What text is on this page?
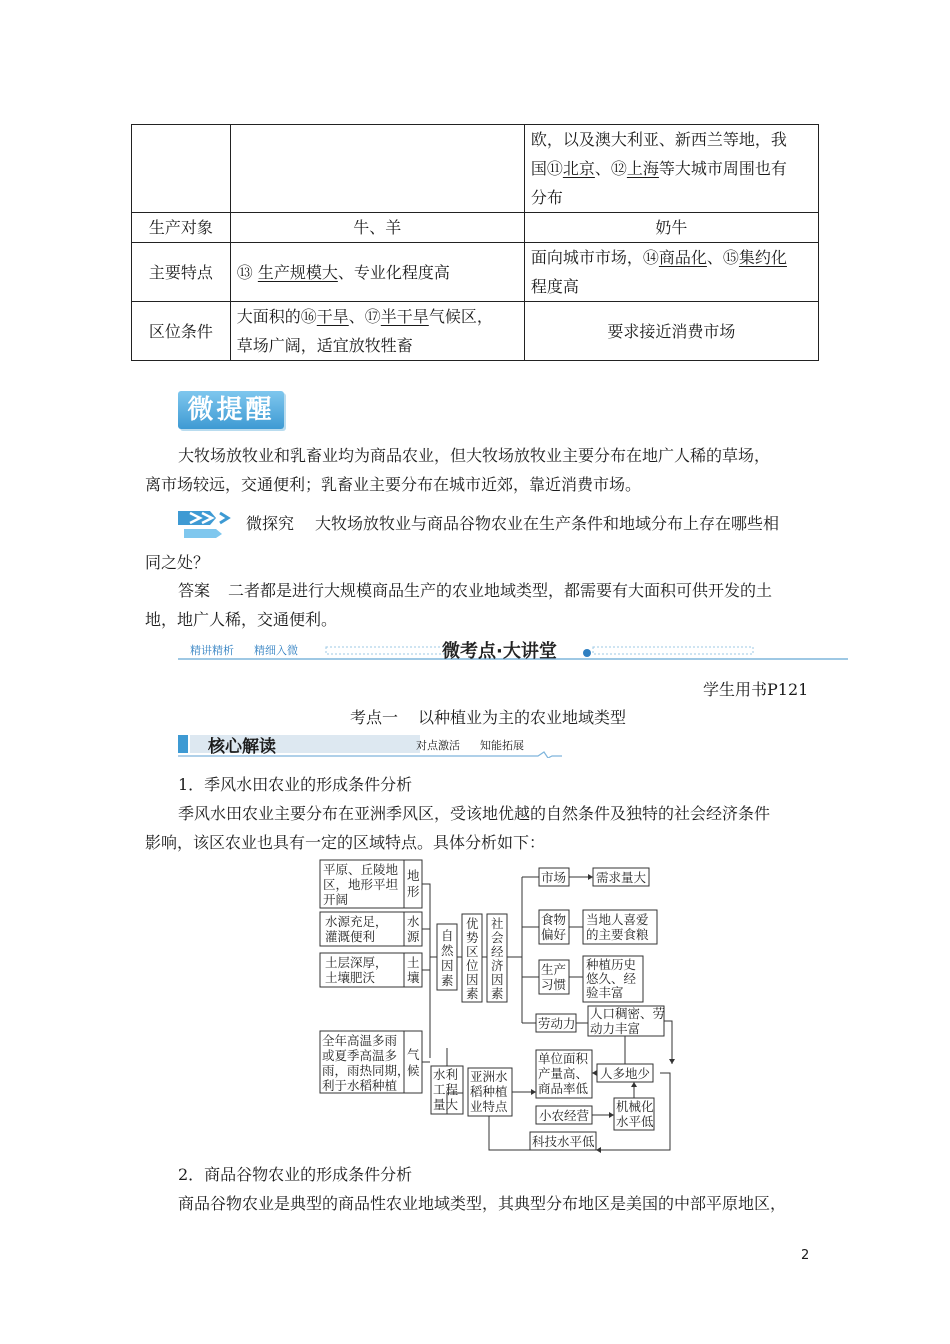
		欧，以及澳大利亚、新西兰等地，我
国⑪北京、⑫上海等大城市周围也有
分布
生产对象	牛、羊	奶牛
主要特点	⑬ 生产规模大、专业化程度高	面向城市市场，⑭商品化、⑮集约化
程度高
区位条件	大面积的⑯干旱、⑰半干旱气候区，
草场广阔，适宜放牧牲畜	要求接近消费市场
微提醒
大牧场放牧业和乳畜业均为商品农业，但大牧场放牧业主要分布在地广人稀的草场，
离市场较远，交通便利；乳畜业主要分布在城市近郊，靠近消费市场。
微探究 大牧场放牧业与商品谷物农业在生产条件和地域分布上存在哪些相
同之处？
答案 二者都是进行大规模商品生产的农业地域类型，都需要有大面积可供开发的土
地，地广人稀，交通便利。
精讲精析 精细入微	微考点·大讲堂
学生用书P121
考点一 以种植业为主的农业地域类型
核心解读	对点激活 知能拓展
1．季风水田农业的形成条件分析
季风水田农业主要分布在亚洲季风区，受该地优越的自然条件及独特的社会经济条件
影响，该区农业也具有一定的区域特点。具体分析如下：
平原、丘陵地
区，地形平坦
开阔
地
形
水源充足，
灌溉便利
水
源
土层深厚，
土壤肥沃
土
壤
全年高温多雨
或夏季高温多
雨，雨热同期，
利于水稻种植
气
候
自
然
因
素
优
势
区
位
因
素
社
会
经
济
因
素
市场 需求量大
食物
偏好
当地人喜爱
的主要食粮
生产
习惯
种植历史
悠久、经
验丰富
劳动力
人口稠密、劳
动力丰富
水利
工程
量大
亚洲水
稻种植
业特点
单位面积
产量高、
商品率低
人多地少
小农经营
机械化
水平低
科技水平低
2．商品谷物农业的形成条件分析
商品谷物农业是典型的商品性农业地域类型，其典型分布地区是美国的中部平原地区，
2
